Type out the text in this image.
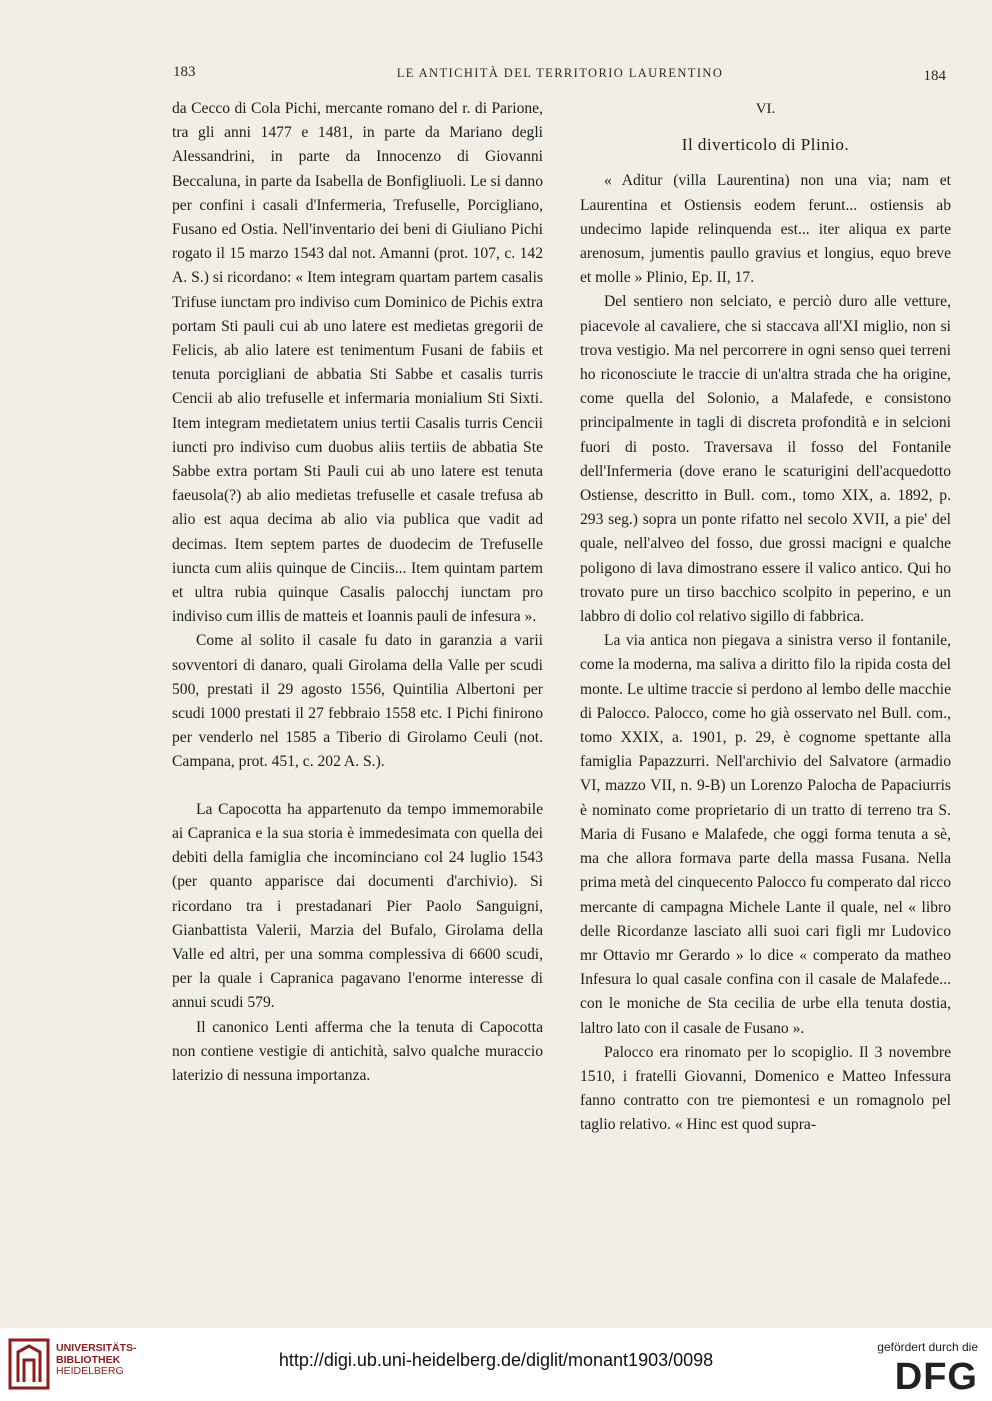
183	LE ANTICHITÀ DEL TERRITORIO LAURENTINO	184

da Cecco di Cola Pichi, mercante romano del r. di Parione, tra gli anni 1477 e 1481, in parte da Mariano degli Alessandrini, in parte da Innocenzo di Giovanni Beccaluna, in parte da Isabella de Bonfigliuoli. Le si danno per confini i casali d'Infermeria, Trefuselle, Porcigliano, Fusano ed Ostia. Nell'inventario dei beni di Giuliano Pichi rogato il 15 marzo 1543 dal not. Amanni (prot. 107, c. 142 A. S.) si ricordano: « Item integram quartam partem casalis Trifuse iunctam pro indiviso cum Dominico de Pichis extra portam Sti pauli cui ab uno latere est medietas gregorii de Felicis, ab alio latere est tenimentum Fusani de fabiis et tenuta porcigliani de abbatia Sti Sabbe et casalis turris Cencii ab alio trefuselle et infermaria monialium Sti Sixti. Item integram medietatem unius tertii Casalis turris Cencii iuncti pro indiviso cum duobus aliis tertiis de abbatia Ste Sabbe extra portam Sti Pauli cui ab uno latere est tenuta faeusola(?) ab alio medietas trefuselle et casale trefusa ab alio est aqua decima ab alio via publica que vadit ad decimas. Item septem partes de duodecim de Trefuselle iuncta cum aliis quinque de Cinciis... Item quintam partem et ultra rubia quinque Casalis palocchj iunctam pro indiviso cum illis de matteis et Ioannis pauli de infesura ».

Come al solito il casale fu dato in garanzia a varii sovventori di danaro, quali Girolama della Valle per scudi 500, prestati il 29 agosto 1556, Quintilia Albertoni per scudi 1000 prestati il 27 febbraio 1558 etc. I Pichi finirono per venderlo nel 1585 a Tiberio di Girolamo Ceuli (not. Campana, prot. 451, c. 202 A. S.).

La Capocotta ha appartenuto da tempo immemorabile ai Capranica e la sua storia è immedesimata con quella dei debiti della famiglia che incominciano col 24 luglio 1543 (per quanto apparisce dai documenti d'archivio). Si ricordano tra i prestadanari Pier Paolo Sanguigni, Gianbattista Valerii, Marzia del Bufalo, Girolama della Valle ed altri, per una somma complessiva di 6600 scudi, per la quale i Capranica pagavano l'enorme interesse di annui scudi 579.

Il canonico Lenti afferma che la tenuta di Capocotta non contiene vestigie di antichità, salvo qualche muraccio laterizio di nessuna importanza.

VI.

Il diverticolo di Plinio.

« Aditur (villa Laurentina) non una via; nam et Laurentina et Ostiensis eodem ferunt... ostiensis ab undecimo lapide relinquenda est... iter aliqua ex parte arenosum, jumentis paullo gravius et longius, equo breve et molle » Plinio, Ep. II, 17.

Del sentiero non selciato, e perciò duro alle vetture, piacevole al cavaliere, che si staccava all'XI miglio, non si trova vestigio. Ma nel percorrere in ogni senso quei terreni ho riconosciute le traccie di un'altra strada che ha origine, come quella del Solonio, a Malafede, e consistono principalmente in tagli di discreta profondità e in selcioni fuori di posto. Traversava il fosso del Fontanile dell'Infermeria (dove erano le scaturigini dell'acquedotto Ostiense, descritto in Bull. com., tomo XIX, a. 1892, p. 293 seg.) sopra un ponte rifatto nel secolo XVII, a pie' del quale, nell'alveo del fosso, due grossi macigni e qualche poligono di lava dimostrano essere il valico antico. Qui ho trovato pure un tirso bacchico scolpito in peperino, e un labbro di dolio col relativo sigillo di fabbrica.

La via antica non piegava a sinistra verso il fontanile, come la moderna, ma saliva a diritto filo la ripida costa del monte. Le ultime traccie si perdono al lembo delle macchie di Palocco. Palocco, come ho già osservato nel Bull. com., tomo XXIX, a. 1901, p. 29, è cognome spettante alla famiglia Papazzurri. Nell'archivio del Salvatore (armadio VI, mazzo VII, n. 9-B) un Lorenzo Palocha de Papaciurris è nominato come proprietario di un tratto di terreno tra S. Maria di Fusano e Malafede, che oggi forma tenuta a sè, ma che allora formava parte della massa Fusana. Nella prima metà del cinquecento Palocco fu comperato dal ricco mercante di campagna Michele Lante il quale, nel « libro delle Ricordanze lasciato alli suoi cari figli mr Ludovico mr Ottavio mr Gerardo » lo dice « comperato da matheo Infesura lo qual casale confina con il casale de Malafede... con le moniche de Sta cecilia de urbe ella tenuta dostia, laltro lato con il casale de Fusano ».

Palocco era rinomato per lo scopiglio. Il 3 novembre 1510, i fratelli Giovanni, Domenico e Matteo Infessura fanno contratto con tre piemontesi e un romagnolo pel taglio relativo. « Hinc est quod supra-

UNIVERSITÄTS-
BIBLIOTHEK
HEIDELBERG
http://digi.ub.uni-heidelberg.de/diglit/monant1903/0098
gefördert durch die
DFG
